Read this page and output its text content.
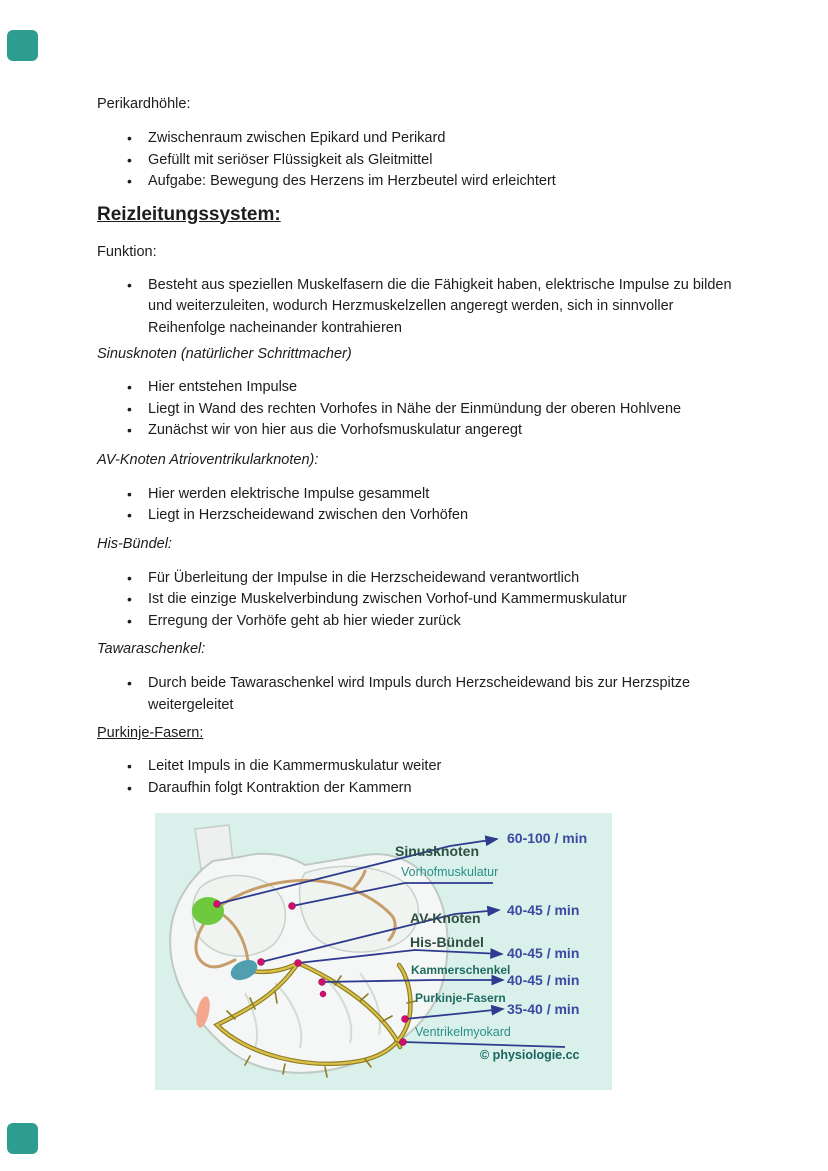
Perikardhöhle:

• Zwischenraum zwischen Epikard und Perikard
• Gefüllt mit seriöser Flüssigkeit als Gleitmittel
• Aufgabe: Bewegung des Herzens im Herzbeutel wird erleichtert
Reizleitungssystem:

Funktion:

• Besteht aus speziellen Muskelfasern die die Fähigkeit haben, elektrische Impulse zu bilden und weiterzuleiten, wodurch Herzmuskelzellen angeregt werden, sich in sinnvoller Reihenfolge nacheinander kontrahieren

Sinusknoten (natürlicher Schrittmacher)

• Hier entstehen Impulse
• Liegt in Wand des rechten Vorhofes in Nähe der Einmündung der oberen Hohlvene
• Zunächst wir von hier aus die Vorhofsmuskulatur angeregt

AV-Knoten Atrioventrikularknoten):

• Hier werden elektrische Impulse gesammelt
• Liegt in Herzscheidewand zwischen den Vorhöfen

His-Bündel:

• Für Überleitung der Impulse in die Herzscheidewand verantwortlich
• Ist die einzige Muskelverbindung zwischen Vorhof-und Kammermuskulatur
• Erregung der Vorhöfe geht ab hier wieder zurück

Tawaraschenkel:

• Durch beide Tawaraschenkel wird Impuls durch Herzscheidewand bis zur Herzspitze weitergeleitet

Purkinje-Fasern:

• Leitet Impuls in die Kammermuskulatur weiter
• Daraufhin folgt Kontraktion der Kammern
Sinusknoten
Vorhofmuskulatur
AV-Knoten
His-Bündel
Kammerschenkel
Purkinje-Fasern
Ventrikelmyokard
60-100 / min
40-45 / min
40-45 / min
40-45 / min
35-40 / min
© physiologie.cc
